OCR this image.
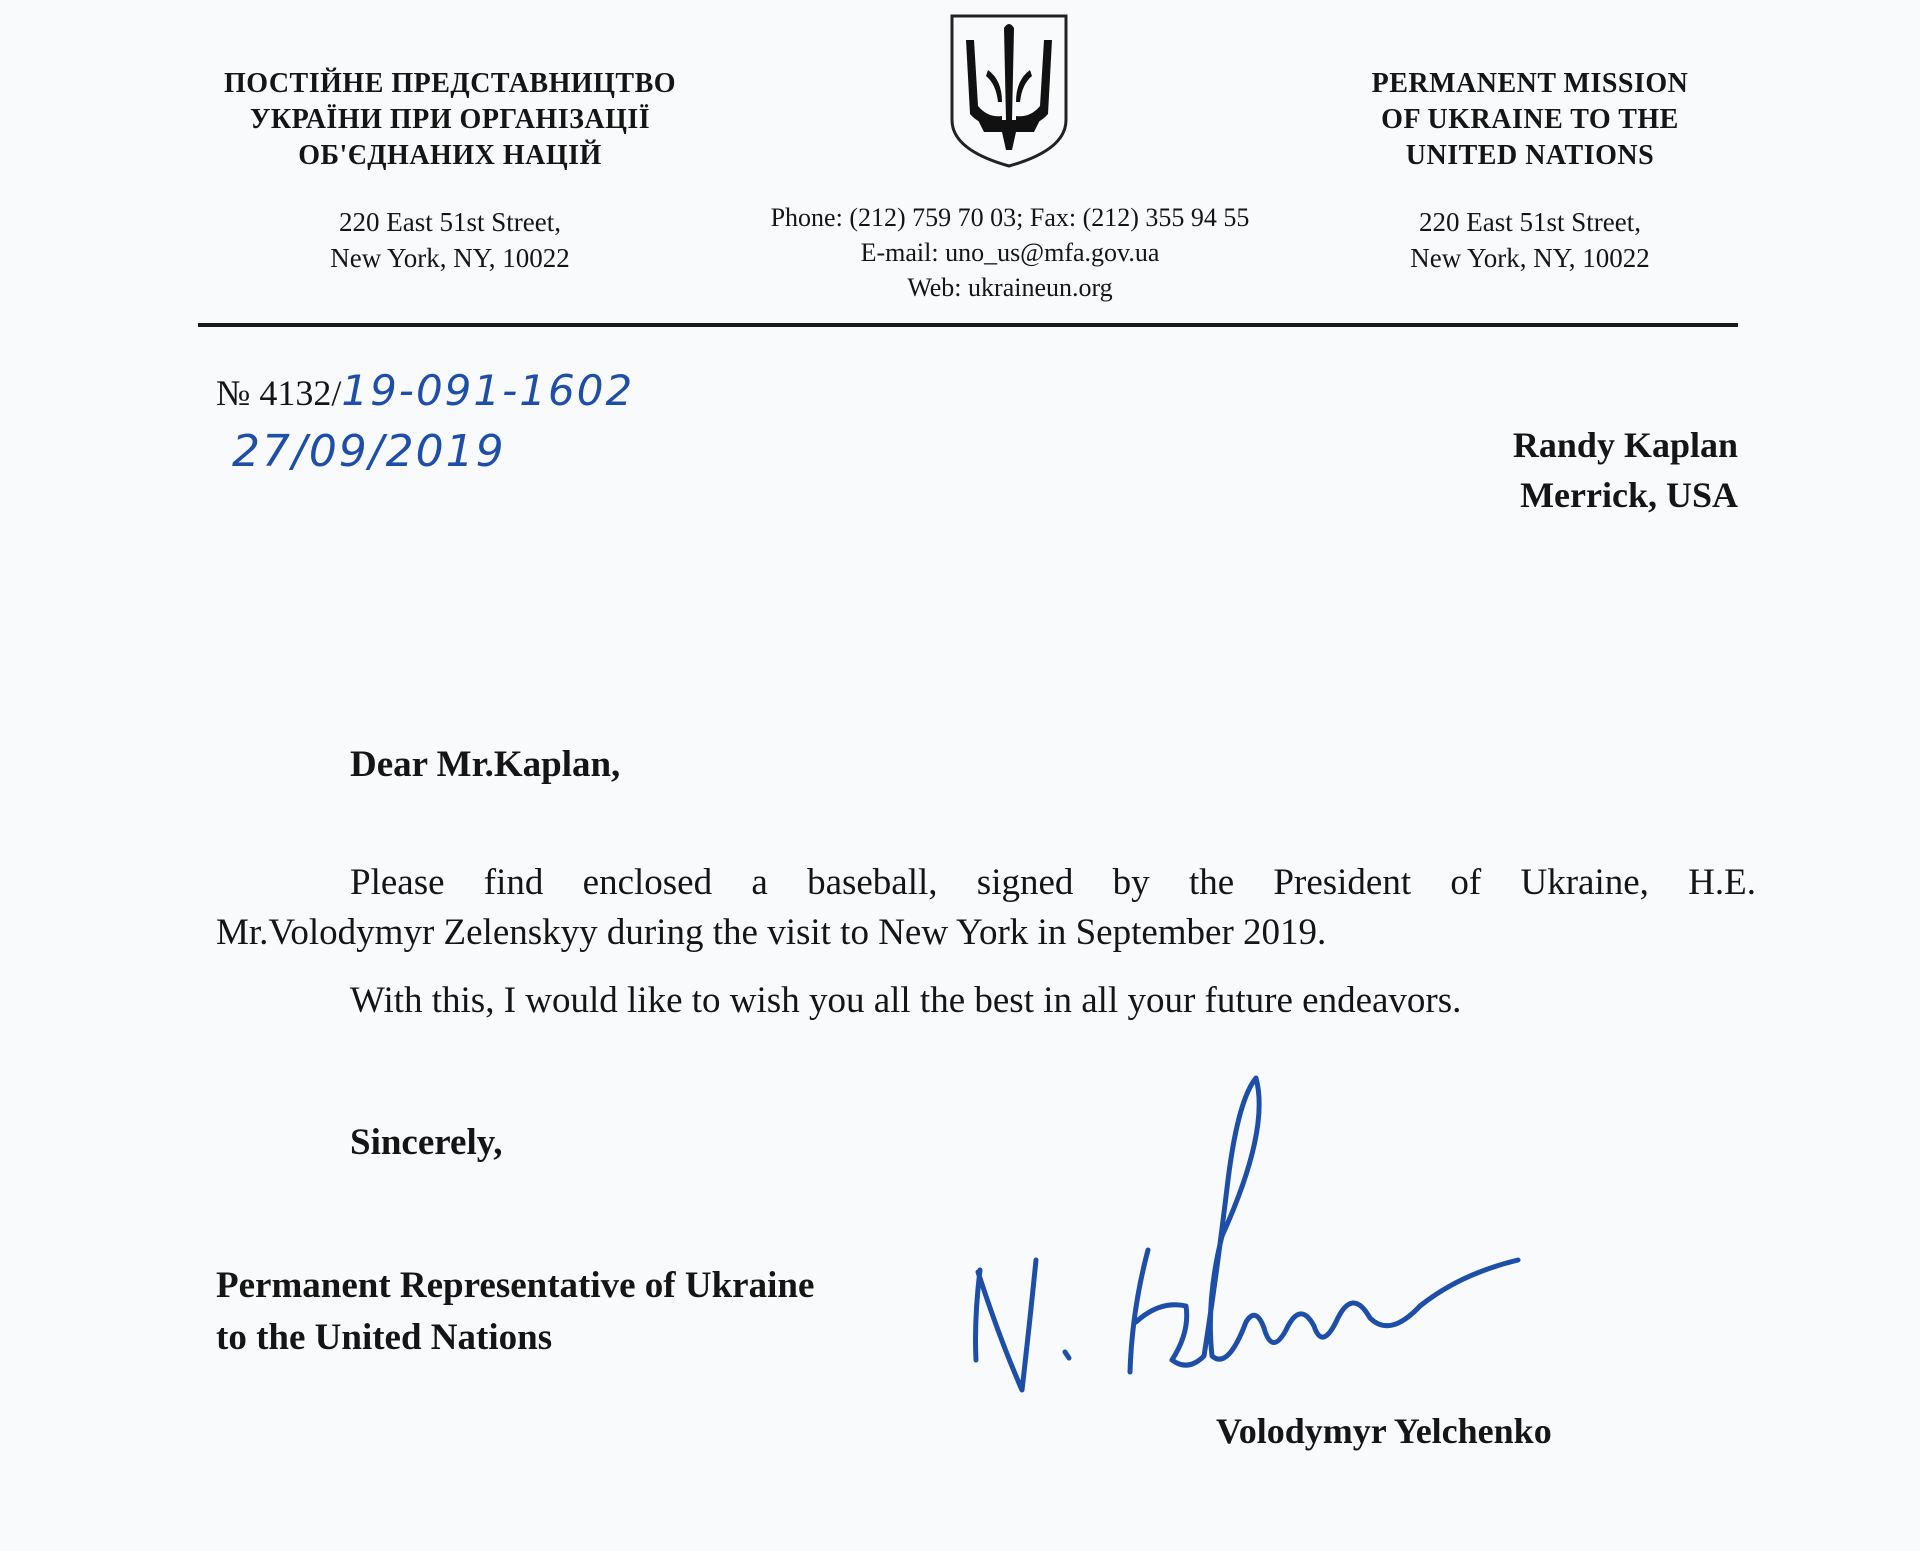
ПОСТІЙНЕ ПРЕДСТАВНИЦТВО
УКРАЇНИ ПРИ ОРГАНІЗАЦІЇ
ОБ'ЄДНАНИХ НАЦІЙ
220 East 51st Street,
New York, NY, 10022
Phone: (212) 759 70 03; Fax: (212) 355 94 55
E-mail: uno_us@mfa.gov.ua
Web: ukraineun.org
PERMANENT MISSION
OF UKRAINE TO THE
UNITED NATIONS
220 East 51st Street,
New York, NY, 10022
№ 4132/19-091-1602
27/09/2019	Randy Kaplan
Merrick, USA
Dear Mr.Kaplan,
Please find enclosed a baseball, signed by the President of Ukraine, H.E.
Mr.Volodymyr Zelenskyy during the visit to New York in September 2019.
With this, I would like to wish you all the best in all your future endeavors.
Sincerely,
Permanent Representative of Ukraine
to the United Nations
Volodymyr Yelchenko
